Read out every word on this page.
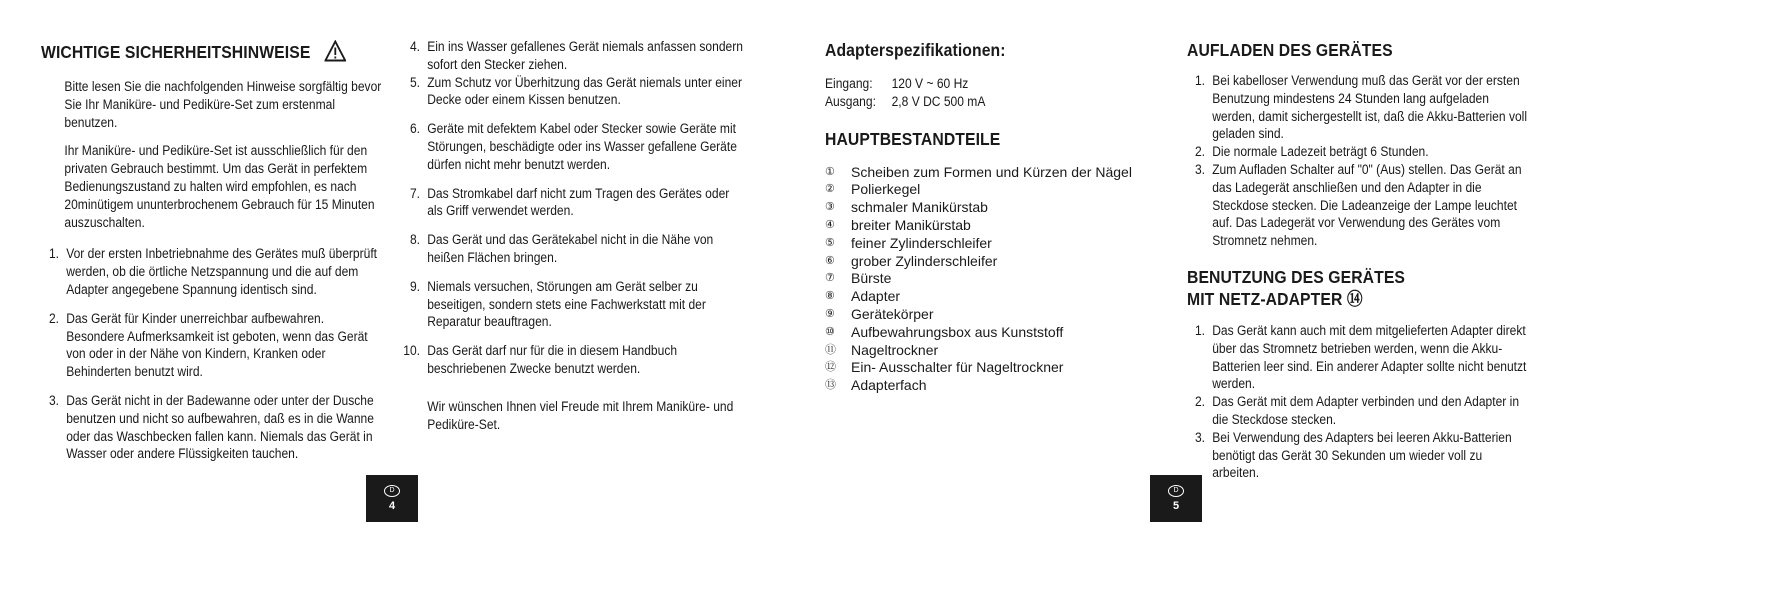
WICHTIGE SICHERHEITSHINWEISE

Bitte lesen Sie die nachfolgenden Hinweise sorgfältig bevor Sie Ihr Maniküre- und Pediküre-Set zum erstenmal benutzen.

Ihr Maniküre- und Pediküre-Set ist ausschließlich für den privaten Gebrauch bestimmt. Um das Gerät in perfektem Bedienungszustand zu halten wird empfohlen, es nach 20minütigem ununterbrochenem Gebrauch für 15 Minuten auszuschalten.

1. Vor der ersten Inbetriebnahme des Gerätes muß überprüft werden, ob die örtliche Netzspannung und die auf dem Adapter angegebene Spannung identisch sind.
2. Das Gerät für Kinder unerreichbar aufbewahren. Besondere Aufmerksamkeit ist geboten, wenn das Gerät von oder in der Nähe von Kindern, Kranken oder Behinderten benutzt wird.
3. Das Gerät nicht in der Badewanne oder unter der Dusche benutzen und nicht so aufbewahren, daß es in die Wanne oder das Waschbecken fallen kann. Niemals das Gerät in Wasser oder andere Flüssigkeiten tauchen.
4. Ein ins Wasser gefallenes Gerät niemals anfassen sondern sofort den Stecker ziehen.
5. Zum Schutz vor Überhitzung das Gerät niemals unter einer Decke oder einem Kissen benutzen.
6. Geräte mit defektem Kabel oder Stecker sowie Geräte mit Störungen, beschädigte oder ins Wasser gefallene Geräte dürfen nicht mehr benutzt werden.
7. Das Stromkabel darf nicht zum Tragen des Gerätes oder als Griff verwendet werden.
8. Das Gerät und das Gerätekabel nicht in die Nähe von heißen Flächen bringen.
9. Niemals versuchen, Störungen am Gerät selber zu beseitigen, sondern stets eine Fachwerkstatt mit der Reparatur beauftragen.
10. Das Gerät darf nur für die in diesem Handbuch beschriebenen Zwecke benutzt werden.

Wir wünschen Ihnen viel Freude mit Ihrem Maniküre- und Pediküre-Set.

D
4
Adapterspezifikationen:
Eingang:	120 V ~ 60 Hz
Ausgang:	2,8 V DC 500 mA
HAUPTBESTANDTEILE
①	Scheiben zum Formen und Kürzen der Nägel
②	Polierkegel
③	schmaler Manikürstab
④	breiter Manikürstab
⑤	feiner Zylinderschleifer
⑥	grober Zylinderschleifer
⑦	Bürste
⑧	Adapter
⑨	Gerätekörper
⑩	Aufbewahrungsbox aus Kunststoff
⑪	Nageltrockner
⑫	Ein- Ausschalter für Nageltrockner
⑬	Adapterfach
AUFLADEN DES GERÄTES
1. Bei kabelloser Verwendung muß das Gerät vor der ersten Benutzung mindestens 24 Stunden lang aufgeladen werden, damit sichergestellt ist, daß die Akku-Batterien voll geladen sind.
2. Die normale Ladezeit beträgt 6 Stunden.
3. Zum Aufladen Schalter auf "0" (Aus) stellen. Das Gerät an das Ladegerät anschließen und den Adapter in die Steckdose stecken. Die Ladeanzeige der Lampe leuchtet auf. Das Ladegerät vor Verwendung des Gerätes vom Stromnetz nehmen.
BENUTZUNG DES GERÄTES
MIT NETZ-ADAPTER ⑭
1. Das Gerät kann auch mit dem mitgelieferten Adapter direkt über das Stromnetz betrieben werden, wenn die Akku-Batterien leer sind. Ein anderer Adapter sollte nicht benutzt werden.
2. Das Gerät mit dem Adapter verbinden und den Adapter in die Steckdose stecken.
3. Bei Verwendung des Adapters bei leeren Akku-Batterien benötigt das Gerät 30 Sekunden um wieder voll zu arbeiten.
D
5
